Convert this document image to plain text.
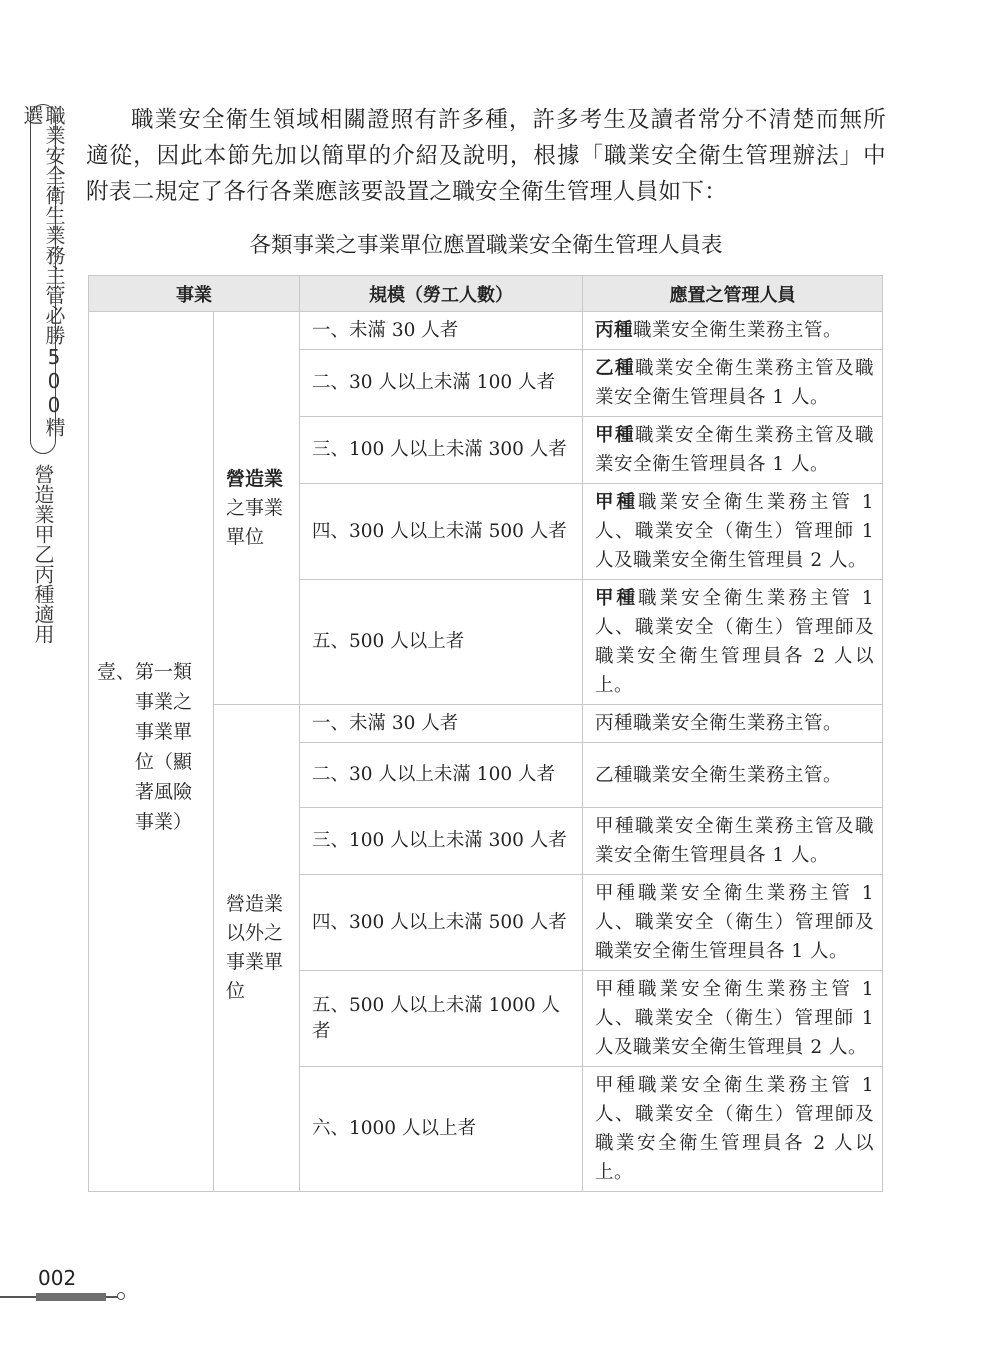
職業安全衛生業務主管必勝500精選
營造業甲乙丙種適用

職業安全衛生領域相關證照有許多種，許多考生及讀者常分不清楚而無所適從，因此本節先加以簡單的介紹及說明，根據「職業安全衛生管理辦法」中附表二規定了各行各業應該要設置之職安全衛生管理人員如下：

各類事業之事業單位應置職業安全衛生管理人員表
事業		規模（勞工人數）	應置之管理人員

壹、 第一類事業之事業單位（顯著風險事業）	營造業之事業單位	一、未滿 30 人者	丙種職業安全衛生業務主管。
		二、30 人以上未滿 100 人者	乙種職業安全衛生業務主管及職業安全衛生管理員各 1 人。
		三、100 人以上未滿 300 人者	甲種職業安全衛生業務主管及職業安全衛生管理員各 1 人。
		四、300 人以上未滿 500 人者	甲種職業安全衛生業務主管 1 人、職業安全（衛生）管理師 1 人及職業安全衛生管理員 2 人。
		五、500 人以上者	甲種職業安全衛生業務主管 1 人、職業安全（衛生）管理師及職業安全衛生管理員各 2 人以上。
	營造業以外之事業單位	一、未滿 30 人者	丙種職業安全衛生業務主管。
		二、30 人以上未滿 100 人者	乙種職業安全衛生業務主管。
		三、100 人以上未滿 300 人者	甲種職業安全衛生業務主管及職業安全衛生管理員各 1 人。
		四、300 人以上未滿 500 人者	甲種職業安全衛生業務主管 1 人、職業安全（衛生）管理師及職業安全衛生管理員各 1 人。
		五、500 人以上未滿 1000 人者	甲種職業安全衛生業務主管 1 人、職業安全（衛生）管理師 1 人及職業安全衛生管理員 2 人。
		六、1000 人以上者	甲種職業安全衛生業務主管 1 人、職業安全（衛生）管理師及職業安全衛生管理員各 2 人以上。
002
